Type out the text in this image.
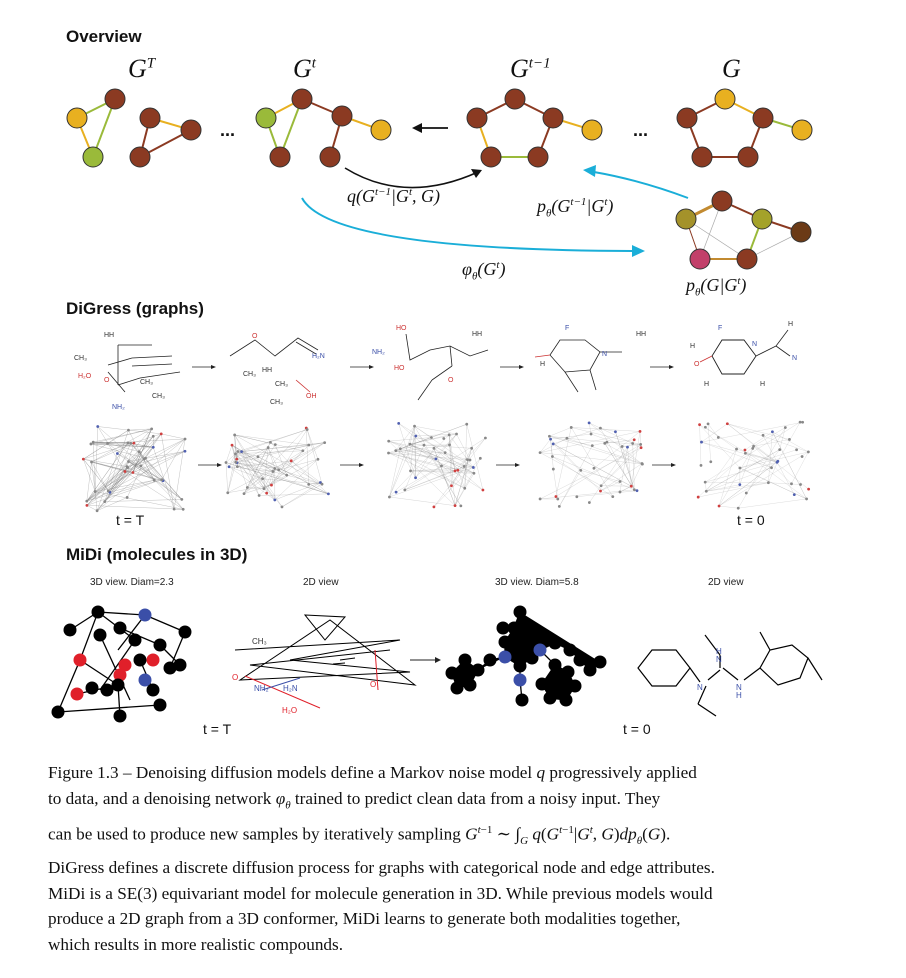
Overview
$G^T$	$G^t$	$G^{t-1}$	G
$q(G^{t-1}|G^t$, G)	$p_\theta(G^{t-1}|G^t)$
$\varphi_\theta(G^t)$
$p_\theta(G|G^t)$
...	...
DiGress (graphs)
HH
CH₃
H₂O
NH₂
CH₃
O	CH₃
O
H₂N
CH₃
HH
CH₃
CH₃
OH
HO
NH₂
HO
HH
O
F
HH
N
H
F
O
N
H
N
H	H
H
t = T	t = 0
MiDi (molecules in 3D)
3D view. Diam=2.3	2D view	3D view. Diam=5.8	2D view
CH₃
O
NH₂ H₂N
H₂O
O	N
H
N
N
H
t = T	t = 0

Figure 1.3 – Denoising diffusion models define a Markov noise model q progressively applied

to data, and a denoising network $\varphi_\theta$ trained to predict clean data from a noisy input. They

can be used to produce new samples by iteratively sampling $G^{t-1}$ ∼ $\int_G$ $q(G^{t-1}|G^t$, $G)dp_\theta(G)$.

DiGress defines a discrete diffusion process for graphs with categorical node and edge attributes.

MiDi is a SE(3) equivariant model for molecule generation in 3D. While previous models would

produce a 2D graph from a 3D conformer, MiDi learns to generate both modalities together,

which results in more realistic compounds.
